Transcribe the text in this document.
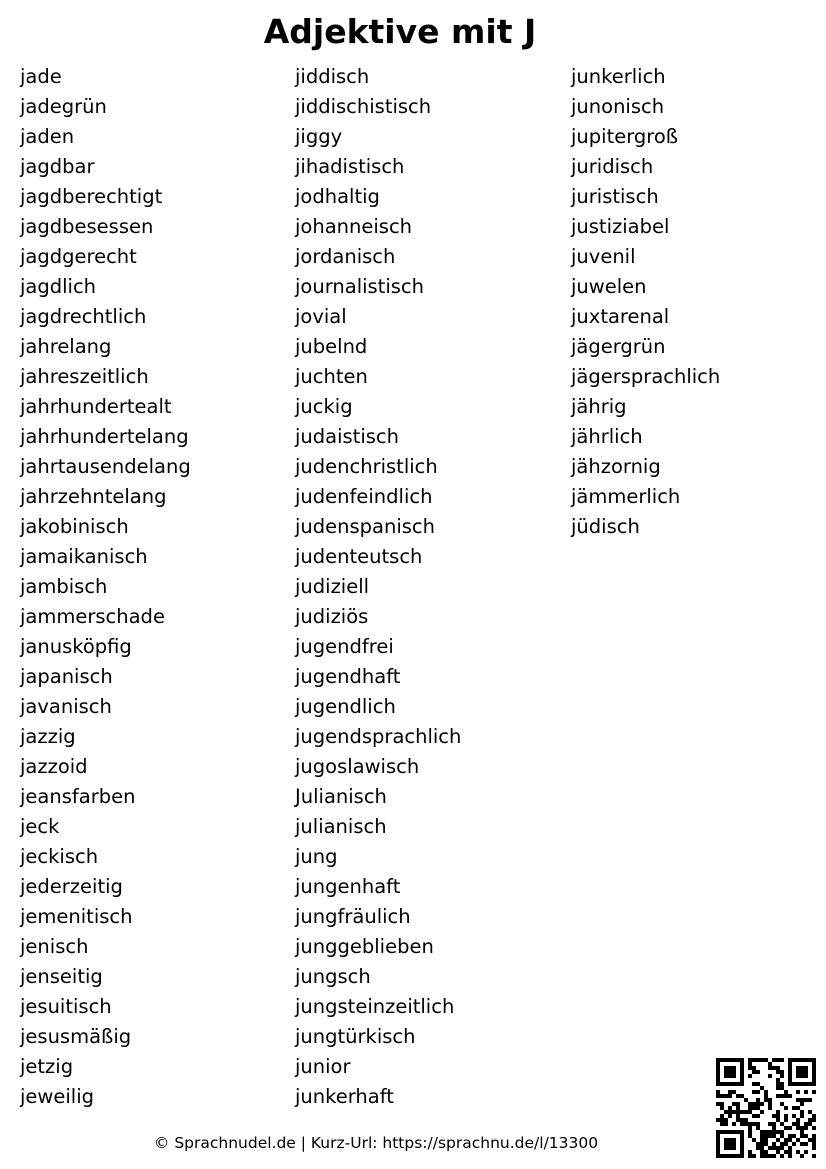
Adjektive mit J
jade
jadegrün
jaden
jagdbar
jagdberechtigt
jagdbesessen
jagdgerecht
jagdlich
jagdrechtlich
jahrelang
jahreszeitlich
jahrhundertealt
jahrhundertelang
jahrtausendelang
jahrzehntelang
jakobinisch
jamaikanisch
jambisch
jammerschade
janusköpfig
japanisch
javanisch
jazzig
jazzoid
jeansfarben
jeck
jeckisch
jederzeitig
jemenitisch
jenisch
jenseitig
jesuitisch
jesusmäßig
jetzig
jeweilig
jiddisch
jiddischistisch
jiggy
jihadistisch
jodhaltig
johanneisch
jordanisch
journalistisch
jovial
jubelnd
juchten
juckig
judaistisch
judenchristlich
judenfeindlich
judenspanisch
judenteutsch
judiziell
judiziös
jugendfrei
jugendhaft
jugendlich
jugendsprachlich
jugoslawisch
Julianisch
julianisch
jung
jungenhaft
jungfräulich
junggeblieben
jungsch
jungsteinzeitlich
jungtürkisch
junior
junkerhaft
junkerlich
junonisch
jupitergroß
juridisch
juristisch
justiziabel
juvenil
juwelen
juxtarenal
jägergrün
jägersprachlich
jährig
jährlich
jähzornig
jämmerlich
jüdisch
© Sprachnudel.de | Kurz-Url: https://sprachnu.de/l/13300
